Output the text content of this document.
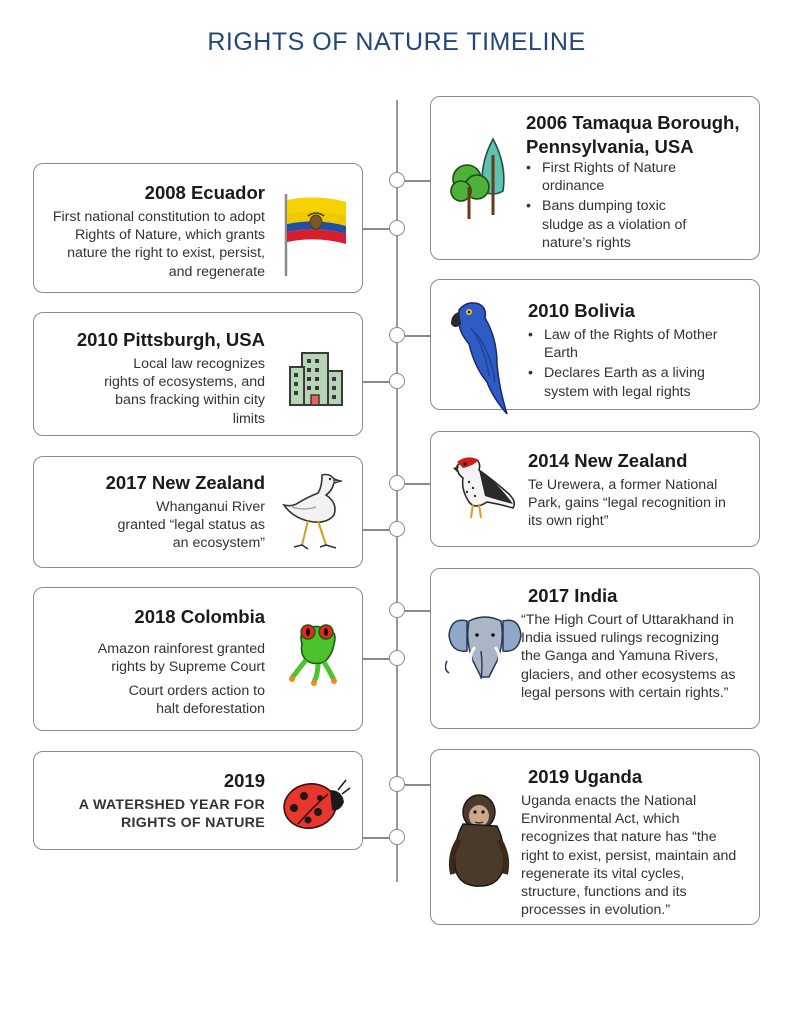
RIGHTS OF NATURE TIMELINE
2008 Ecuador
First national constitution to adopt Rights of Nature, which grants nature the right to exist, persist, and regenerate
2010 Pittsburgh, USA
Local law recognizes rights of ecosystems, and bans fracking within city limits
2017 New Zealand
Whanganui River granted “legal status as an ecosystem”
2018 Colombia
Amazon rainforest granted rights by Supreme Court
Court orders action to halt deforestation
2019
A WATERSHED YEAR FOR RIGHTS OF NATURE
2006 Tamaqua Borough, Pennsylvania, USA
• First Rights of Nature ordinance
• Bans dumping toxic sludge as a violation of nature’s rights
2010 Bolivia
• Law of the Rights of Mother Earth
• Declares Earth as a living system with legal rights
2014 New Zealand
Te Urewera, a former National Park, gains “legal recognition in its own right”
2017 India
“The High Court of Uttarakhand in India issued rulings recognizing the Ganga and Yamuna Rivers, glaciers, and other ecosystems as legal persons with certain rights.”
2019 Uganda
Uganda enacts the National Environmental Act, which recognizes that nature has “the right to exist, persist, maintain and regenerate its vital cycles, structure, functions and its processes in evolution.”
